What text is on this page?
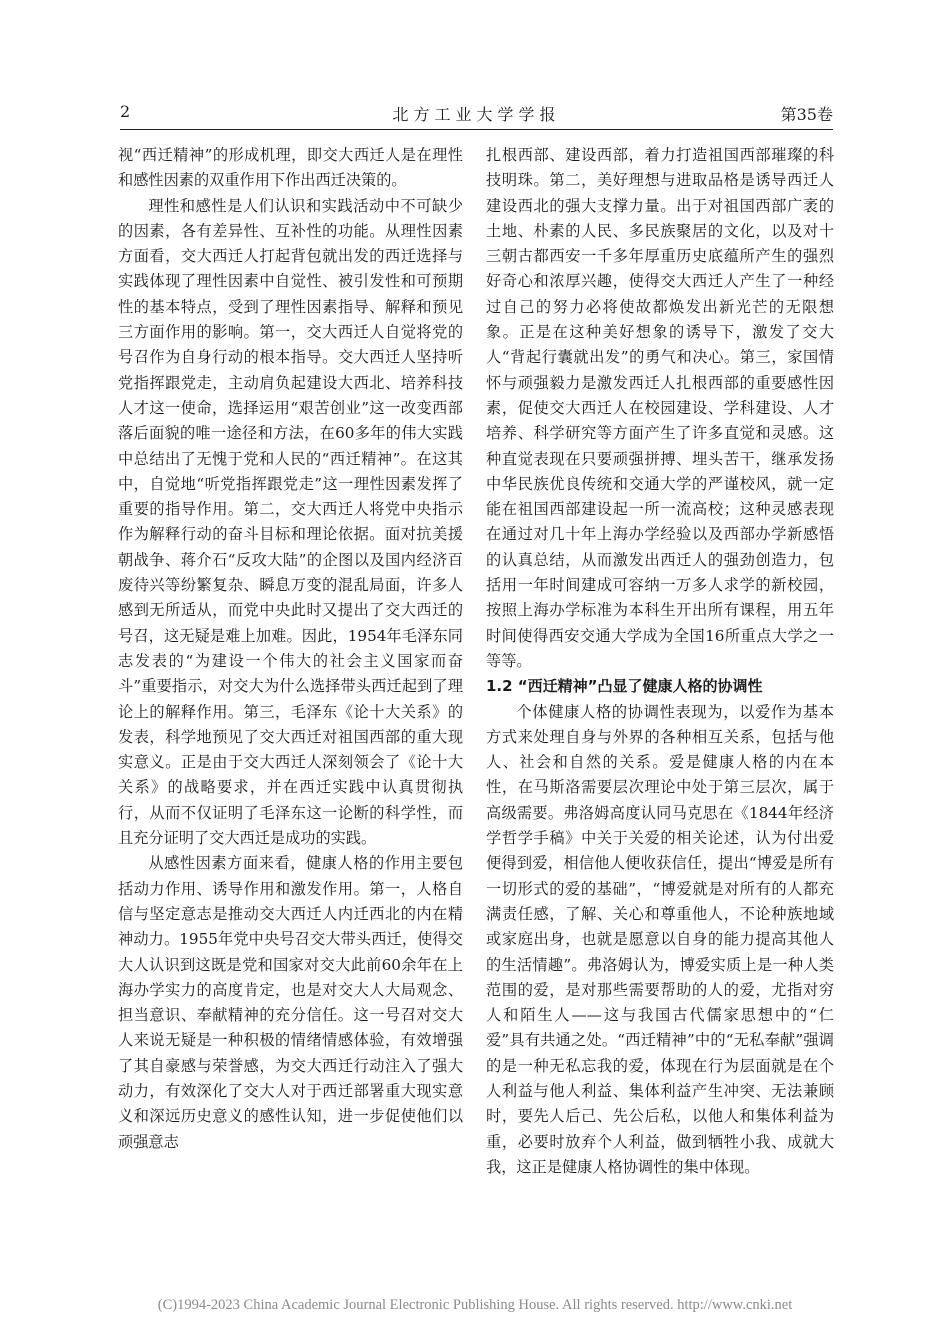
2	北方工业大学学报	第35卷

视“西迁精神”的形成机理，即交大西迁人是在理性和感性因素的双重作用下作出西迁决策的。

理性和感性是人们认识和实践活动中不可缺少的因素，各有差异性、互补性的功能。从理性因素方面看，交大西迁人打起背包就出发的西迁选择与实践体现了理性因素中自觉性、被引发性和可预期性的基本特点，受到了理性因素指导、解释和预见三方面作用的影响。第一，交大西迁人自觉将党的号召作为自身行动的根本指导。交大西迁人坚持听党指挥跟党走，主动肩负起建设大西北、培养科技人才这一使命，选择运用“艰苦创业”这一改变西部落后面貌的唯一途径和方法，在60多年的伟大实践中总结出了无愧于党和人民的“西迁精神”。在这其中，自觉地“听党指挥跟党走”这一理性因素发挥了重要的指导作用。第二，交大西迁人将党中央指示作为解释行动的奋斗目标和理论依据。面对抗美援朝战争、蒋介石“反攻大陆”的企图以及国内经济百废待兴等纷繁复杂、瞬息万变的混乱局面，许多人感到无所适从，而党中央此时又提出了交大西迁的号召，这无疑是难上加难。因此，1954年毛泽东同志发表的“为建设一个伟大的社会主义国家而奋斗”重要指示，对交大为什么选择带头西迁起到了理论上的解释作用。第三，毛泽东《论十大关系》的发表，科学地预见了交大西迁对祖国西部的重大现实意义。正是由于交大西迁人深刻领会了《论十大关系》的战略要求，并在西迁实践中认真贯彻执行，从而不仅证明了毛泽东这一论断的科学性，而且充分证明了交大西迁是成功的实践。

从感性因素方面来看，健康人格的作用主要包括动力作用、诱导作用和激发作用。第一，人格自信与坚定意志是推动交大西迁人内迁西北的内在精神动力。1955年党中央号召交大带头西迁，使得交大人认识到这既是党和国家对交大此前60余年在上海办学实力的高度肯定，也是对交大人大局观念、担当意识、奉献精神的充分信任。这一号召对交大人来说无疑是一种积极的情绪情感体验，有效增强了其自豪感与荣誉感，为交大西迁行动注入了强大动力，有效深化了交大人对于西迁部署重大现实意义和深远历史意义的感性认知，进一步促使他们以顽强意志

扎根西部、建设西部，着力打造祖国西部璀璨的科技明珠。第二，美好理想与进取品格是诱导西迁人建设西北的强大支撑力量。出于对祖国西部广袤的土地、朴素的人民、多民族聚居的文化，以及对十三朝古都西安一千多年厚重历史底蕴所产生的强烈好奇心和浓厚兴趣，使得交大西迁人产生了一种经过自己的努力必将使故都焕发出新光芒的无限想象。正是在这种美好想象的诱导下，激发了交大人“背起行囊就出发”的勇气和决心。第三，家国情怀与顽强毅力是激发西迁人扎根西部的重要感性因素，促使交大西迁人在校园建设、学科建设、人才培养、科学研究等方面产生了许多直觉和灵感。这种直觉表现在只要顽强拼搏、埋头苦干，继承发扬中华民族优良传统和交通大学的严谨校风，就一定能在祖国西部建设起一所一流高校；这种灵感表现在通过对几十年上海办学经验以及西部办学新感悟的认真总结，从而激发出西迁人的强劲创造力，包括用一年时间建成可容纳一万多人求学的新校园，按照上海办学标准为本科生开出所有课程，用五年时间使得西安交通大学成为全国16所重点大学之一等等。

1.2 “西迁精神”凸显了健康人格的协调性

个体健康人格的协调性表现为，以爱作为基本方式来处理自身与外界的各种相互关系，包括与他人、社会和自然的关系。爱是健康人格的内在本性，在马斯洛需要层次理论中处于第三层次，属于高级需要。弗洛姆高度认同马克思在《1844年经济学哲学手稿》中关于关爱的相关论述，认为付出爱便得到爱，相信他人便收获信任，提出“博爱是所有一切形式的爱的基础”，“博爱就是对所有的人都充满责任感，了解、关心和尊重他人，不论种族地域或家庭出身，也就是愿意以自身的能力提高其他人的生活情趣”。弗洛姆认为，博爱实质上是一种人类范围的爱，是对那些需要帮助的人的爱，尤指对穷人和陌生人——这与我国古代儒家思想中的“仁爱”具有共通之处。“西迁精神”中的“无私奉献”强调的是一种无私忘我的爱，体现在行为层面就是在个人利益与他人利益、集体利益产生冲突、无法兼顾时，要先人后己、先公后私，以他人和集体利益为重，必要时放弃个人利益，做到牺牲小我、成就大我，这正是健康人格协调性的集中体现。

(C)1994-2023 China Academic Journal Electronic Publishing House. All rights reserved. http://www.cnki.net
